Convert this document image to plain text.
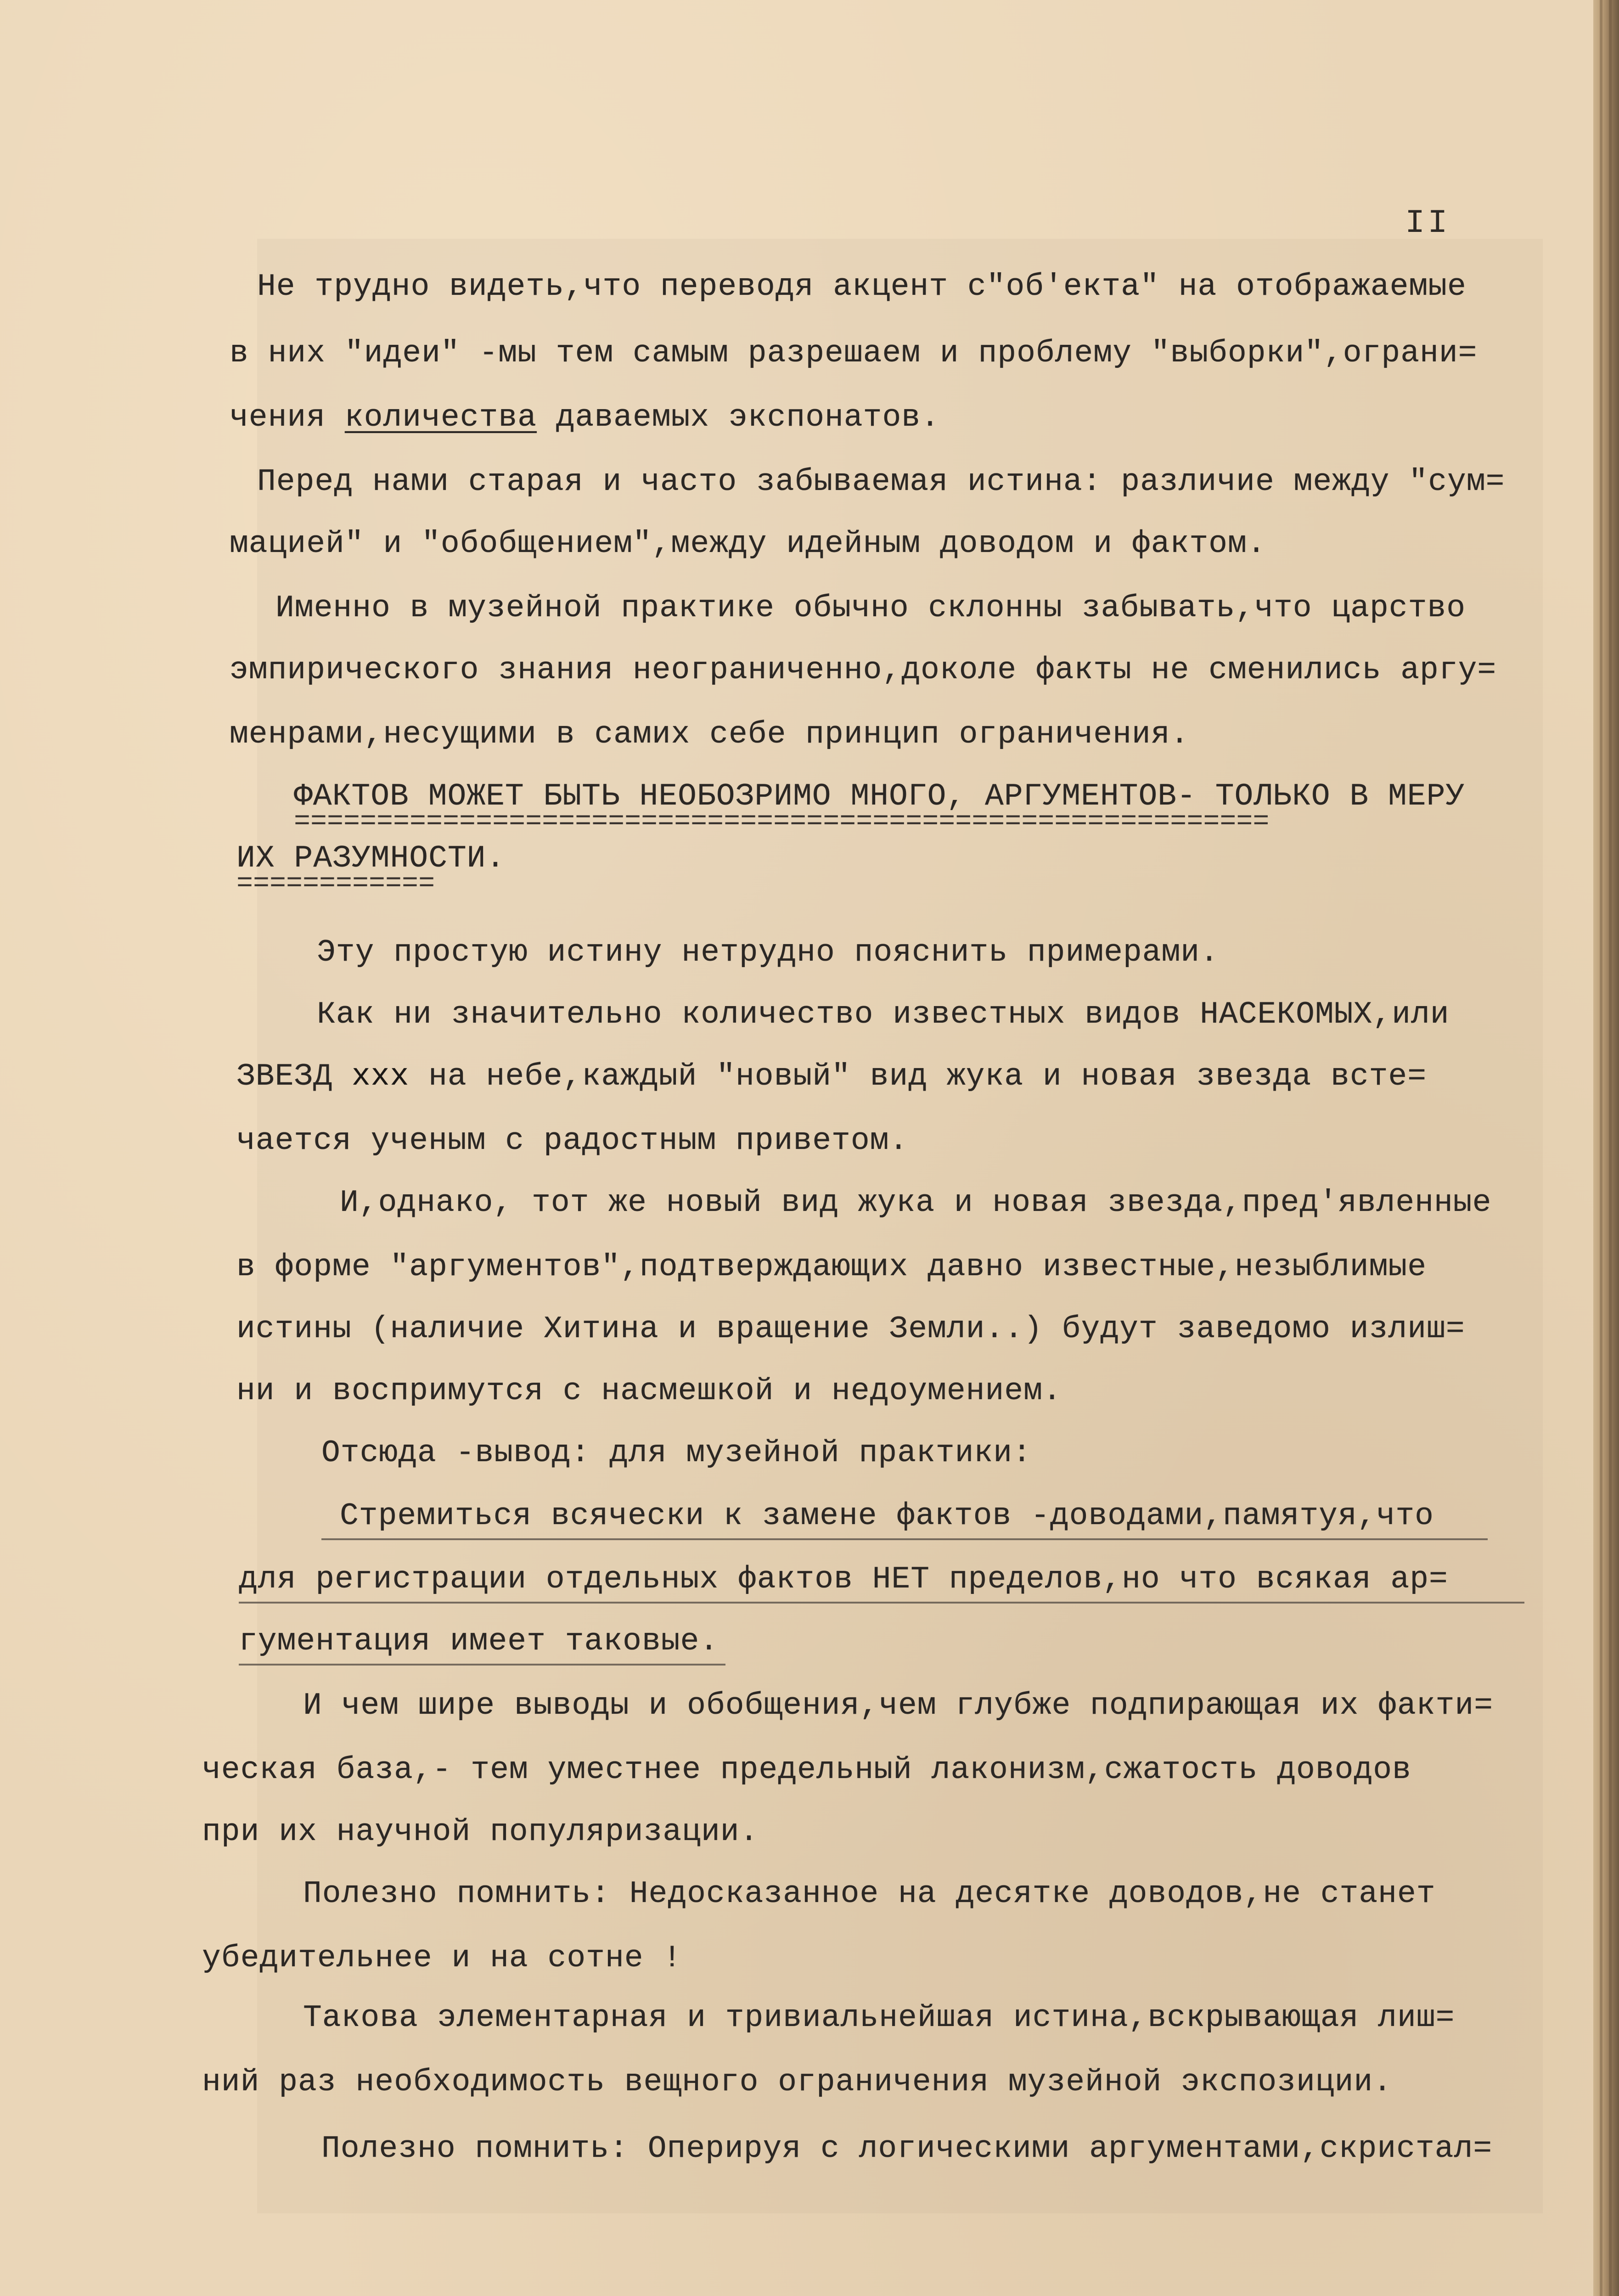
II
Не трудно видеть,что переводя акцент с"об'екта" на отображаемые
в них "идеи" -мы тем самым разрешаем и проблему "выборки",ограни=
чения количества даваемых экспонатов.
Перед нами старая и часто забываемая истина: различие между "сум=
мацией" и "обобщением",между идейным доводом и фактом.
Именно в музейной практике обычно склонны забывать,что царство
эмпирического знания неограниченно,доколе факты не сменились аргу=
менрами,несущими в самих себе принцип ограничения.
ФАКТОВ МОЖЕТ БЫТЬ НЕОБОЗРИМО МНОГО, АРГУМЕНТОВ- ТОЛЬКО В МЕРУ
===========================================================
ИХ РАЗУМНОСТИ.
============
Эту простую истину нетрудно пояснить примерами.
Как ни значительно количество известных видов НАСЕКОМЫХ,или
ЗВЕЗД ххх на небе,каждый "новый" вид жука и новая звезда встe=
чается ученым с радостным приветом.
И,однако, тот же новый вид жука и новая звезда,пред'явленные
в форме "аргументов",подтверждающих давно известные,незыблимые
истины (наличие Хитина и вращение Земли..) будут заведомо излиш=
ни и воспримутся с насмешкой и недоумением.
Отсюда -вывод: для музейной практики:
Стремиться всячески к замене фактов -доводами,памятуя,что
для регистрации отдельных фактов НЕТ пределов,но что всякая ар=
гументация имеет таковые.
И чем шире выводы и обобщения,чем глубже подпирающая их факти=
ческая база,- тем уместнее предельный лаконизм,сжатость доводов
при их научной популяризации.
Полезно помнить: Недосказанное на десятке доводов,не станет
убедительнее и на сотне !
Такова элементарная и тривиальнейшая истина,вскрывающая лиш=
ний раз необходимость вещного ограничения музейной экспозиции.
Полезно помнить: Оперируя с логическими аргументами,скристал=
